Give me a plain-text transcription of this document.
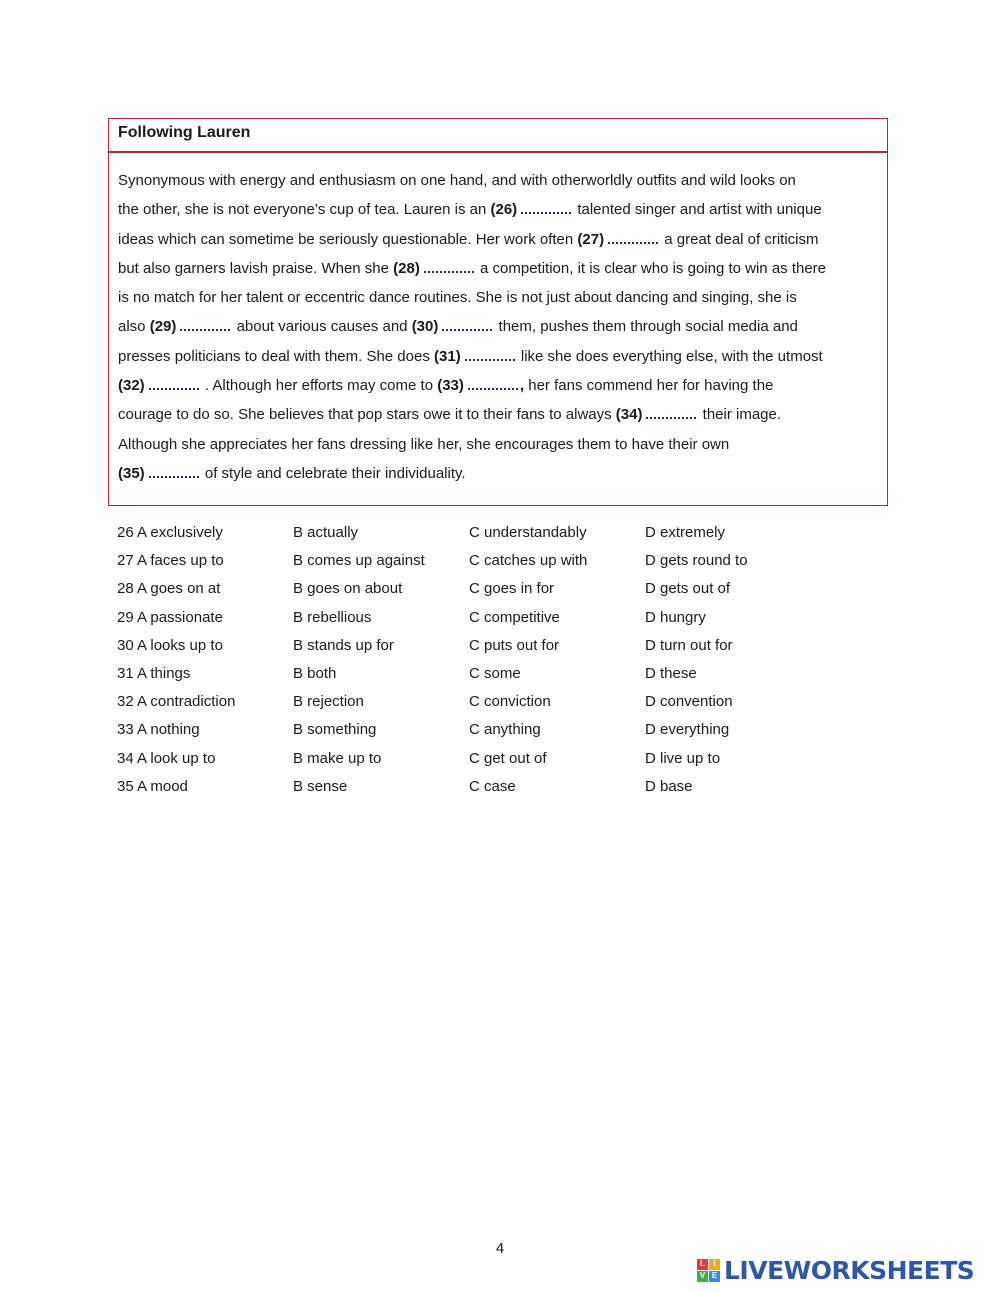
Following Lauren
Synonymous with energy and enthusiasm on one hand, and with otherworldly outfits and wild looks on
the other, she is not everyone’s cup of tea. Lauren is an (26)	talented singer and artist with unique
ideas which can sometime be seriously questionable. Her work often (27)	a great deal of criticism
but also garners lavish praise. When she (28)	a competition, it is clear who is going to win as there
is no match for her talent or eccentric dance routines. She is not just about dancing and singing, she is
also (29)	about various causes and (30)	them, pushes them through social media and
presses politicians to deal with them. She does (31)	like she does everything else, with the utmost
(32)	. Although her efforts may come to (33)	, her fans commend her for having the
courage to do so. She believes that pop stars owe it to their fans to always (34)	their image.
Although she appreciates her fans dressing like her, she encourages them to have their own
(35)	of style and celebrate their individuality.
26 A exclusively	B actually	C understandably	D extremely
27 A faces up to	B comes up against	C catches up with	D gets round to
28 A goes on at	B goes on about	C goes in for	D gets out of
29 A passionate	B rebellious	C competitive	D hungry
30 A looks up to	B stands up for	C puts out for	D turn out for
31 A things	B both	C some	D these
32 A contradiction	B rejection	C conviction	D convention
33 A nothing	B something	C anything	D everything
34 A look up to	B make up to	C get out of	D live up to
35 A mood	B sense	C case	D base
4
L	I
V E LIVEWORKSHEETS
